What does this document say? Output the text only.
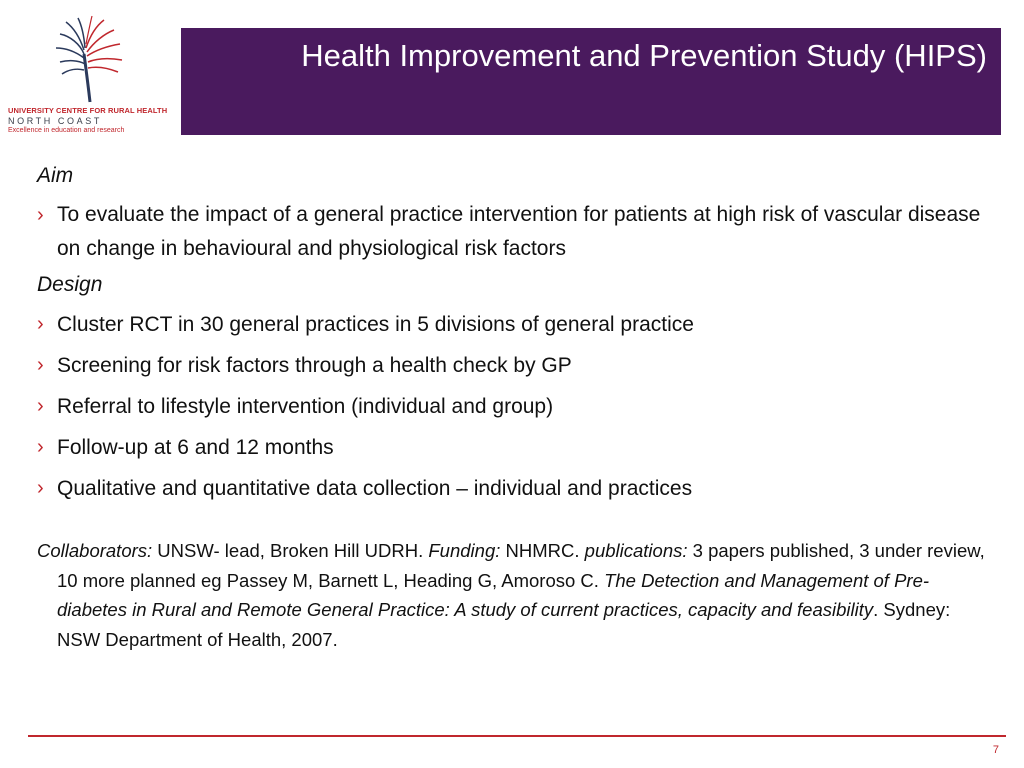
UNIVERSITY CENTRE FOR RURAL HEALTH
NORTH COAST
Excellence in education and research
Health Improvement and Prevention Study (HIPS)
Aim
› To evaluate the impact of a general practice intervention for patients at high risk of vascular disease on change in behavioural and physiological risk factors
Design
› Cluster RCT in 30 general practices in 5 divisions of general practice
› Screening for risk factors through a health check by GP
› Referral to lifestyle intervention (individual and group)
› Follow-up at 6 and 12 months
› Qualitative and quantitative data collection – individual and practices
Collaborators: UNSW- lead, Broken Hill UDRH. Funding: NHMRC. publications: 3 papers published, 3 under review, 10 more planned eg Passey M, Barnett L, Heading G, Amoroso C. The Detection and Management of Pre-diabetes in Rural and Remote General Practice: A study of current practices, capacity and feasibility. Sydney: NSW Department of Health, 2007.
7
